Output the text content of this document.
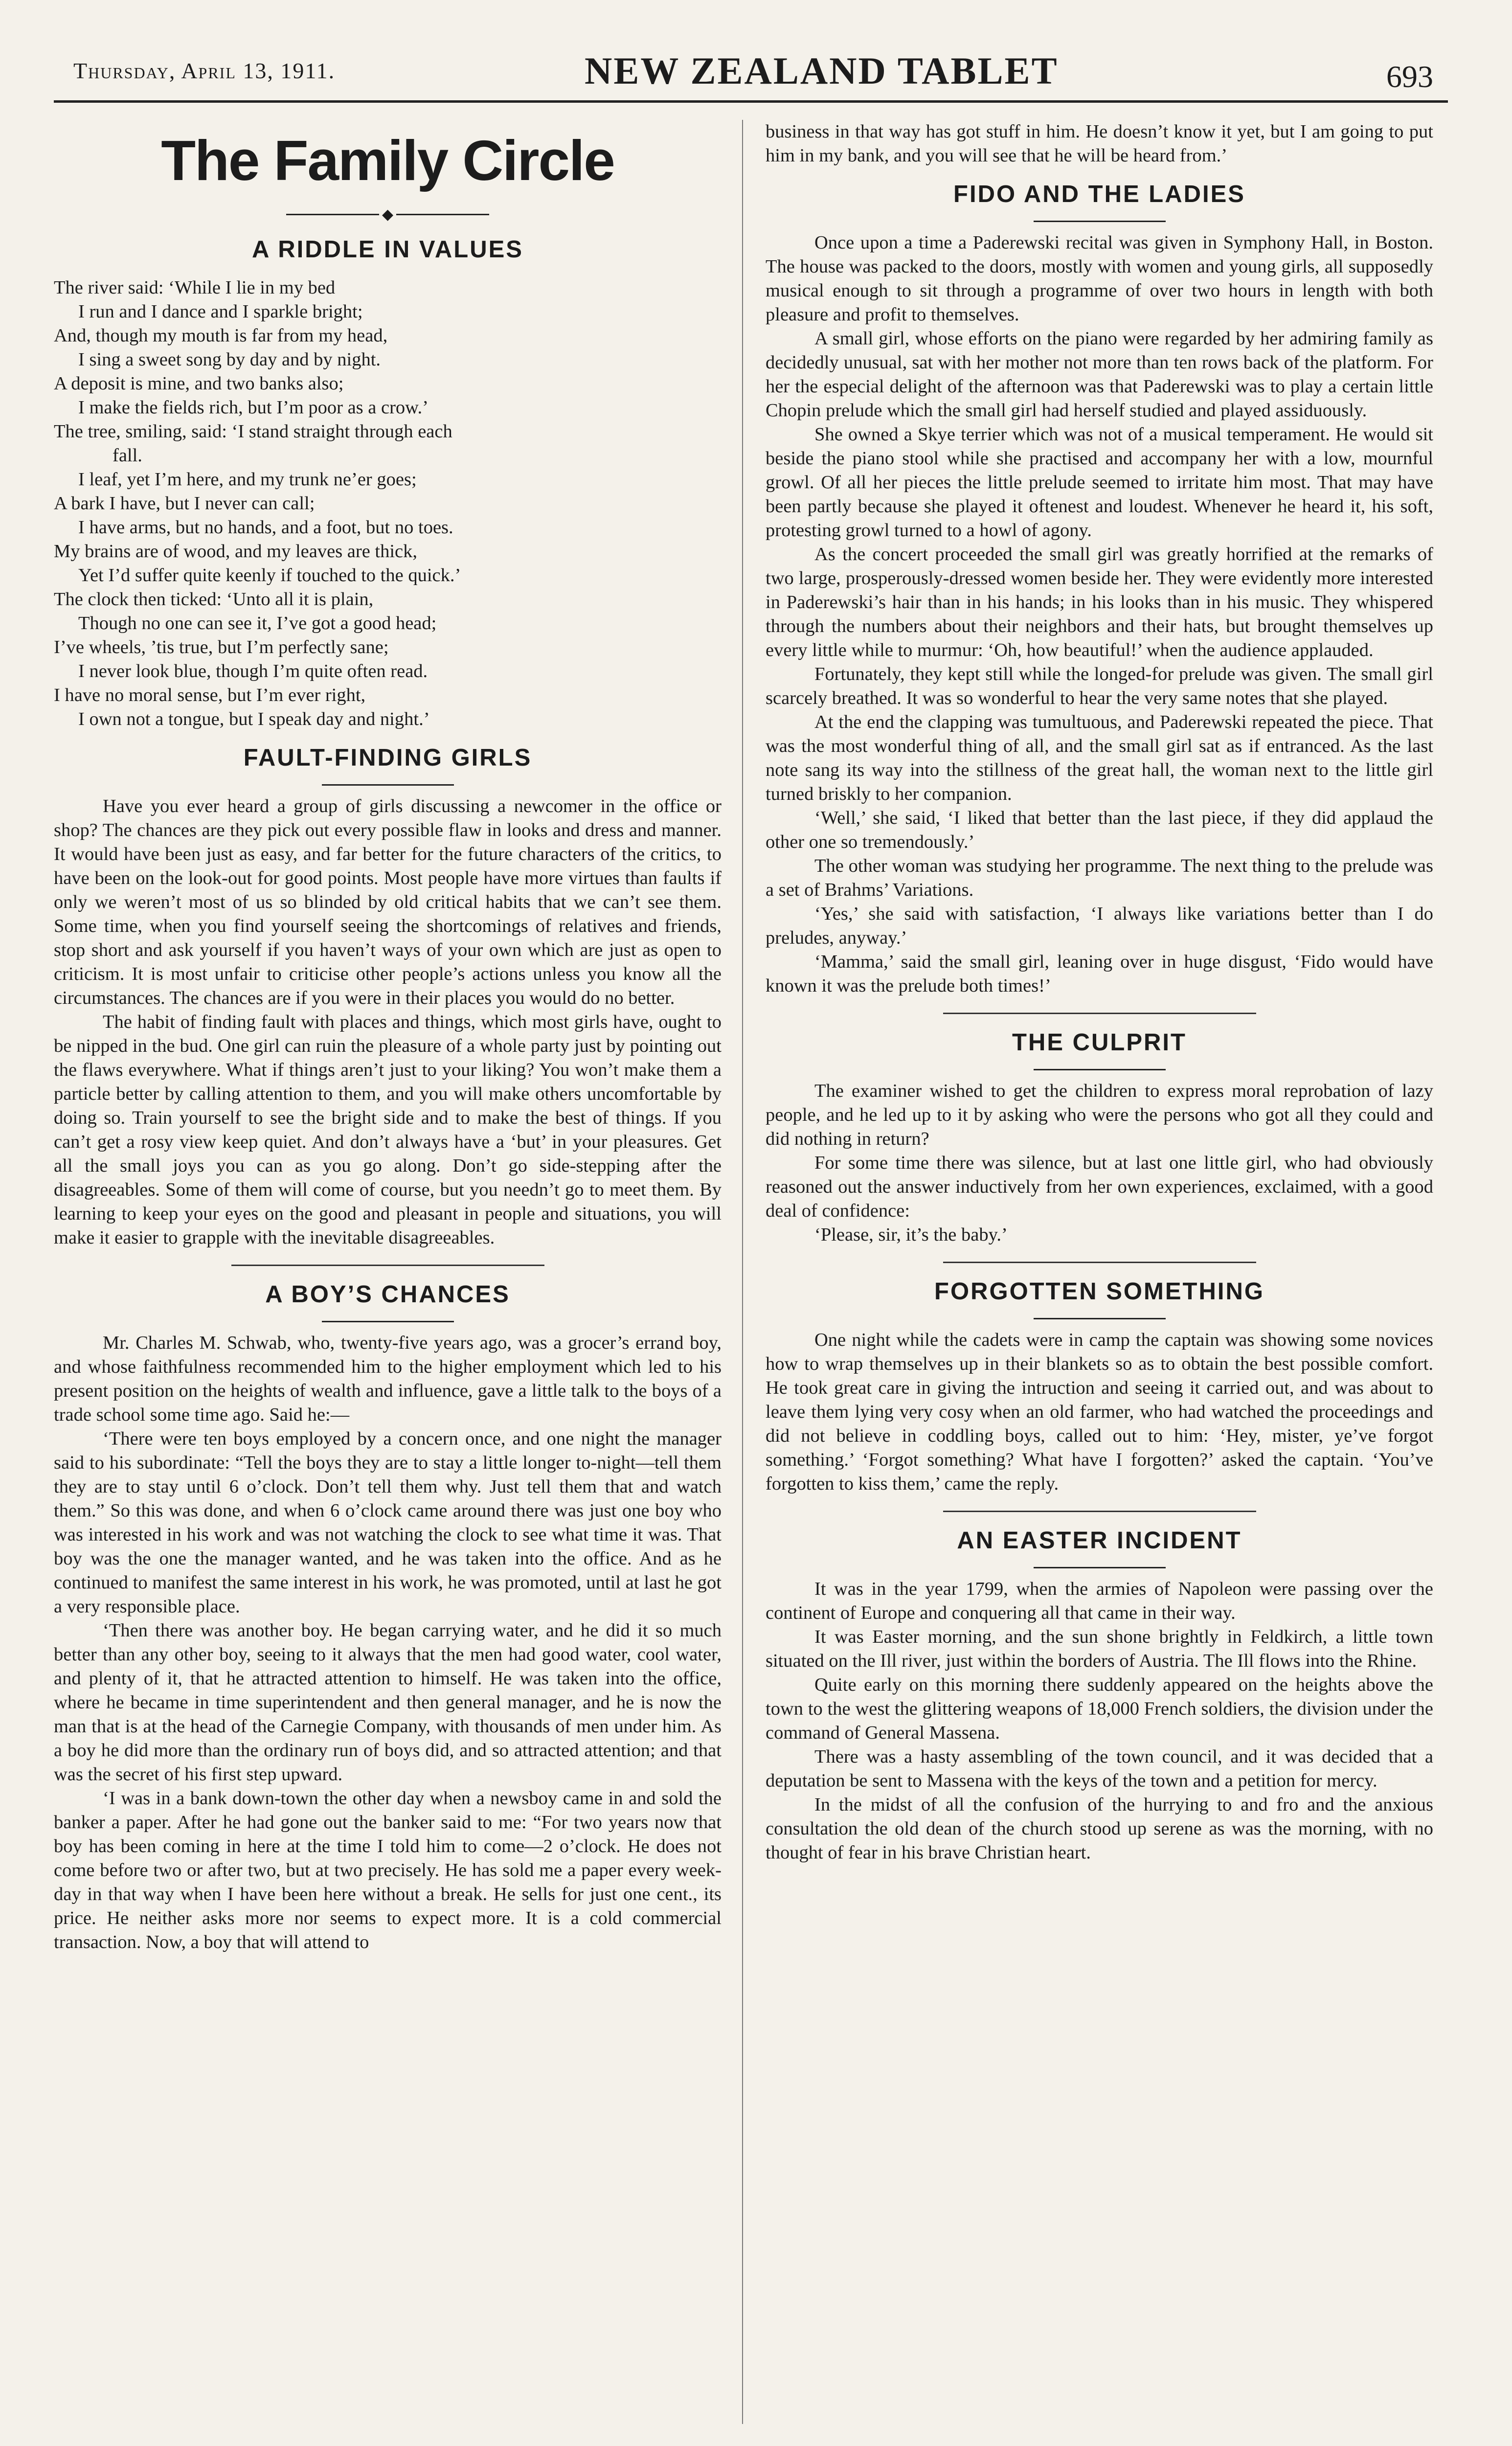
Thursday, April 13, 1911.	NEW ZEALAND TABLET	693
The Family Circle
◆
A RIDDLE IN VALUES
The river said: ‘While I lie in my bed
I run and I dance and I sparkle bright;
And, though my mouth is far from my head,
I sing a sweet song by day and by night.
A deposit is mine, and two banks also;
I make the fields rich, but I’m poor as a crow.’
The tree, smiling, said: ‘I stand straight through each
fall.
I leaf, yet I’m here, and my trunk ne’er goes;
A bark I have, but I never can call;
I have arms, but no hands, and a foot, but no toes.
My brains are of wood, and my leaves are thick,
Yet I’d suffer quite keenly if touched to the quick.’
The clock then ticked: ‘Unto all it is plain,
Though no one can see it, I’ve got a good head;
I’ve wheels, ’tis true, but I’m perfectly sane;
I never look blue, though I’m quite often read.
I have no moral sense, but I’m ever right,
I own not a tongue, but I speak day and night.’
FAULT-FINDING GIRLS

Have you ever heard a group of girls discussing a newcomer in the office or shop? The chances are they pick out every possible flaw in looks and dress and manner. It would have been just as easy, and far better for the future characters of the critics, to have been on the look-out for good points. Most people have more virtues than faults if only we weren’t most of us so blinded by old critical habits that we can’t see them. Some time, when you find yourself seeing the shortcomings of relatives and friends, stop short and ask yourself if you haven’t ways of your own which are just as open to criticism. It is most unfair to criticise other people’s actions unless you know all the circumstances. The chances are if you were in their places you would do no better.

The habit of finding fault with places and things, which most girls have, ought to be nipped in the bud. One girl can ruin the pleasure of a whole party just by pointing out the flaws everywhere. What if things aren’t just to your liking? You won’t make them a particle better by calling attention to them, and you will make others uncomfortable by doing so. Train yourself to see the bright side and to make the best of things. If you can’t get a rosy view keep quiet. And don’t always have a ‘but’ in your pleasures. Get all the small joys you can as you go along. Don’t go side-stepping after the disagreeables. Some of them will come of course, but you needn’t go to meet them. By learning to keep your eyes on the good and pleasant in people and situations, you will make it easier to grapple with the inevitable disagreeables.

A BOY’S CHANCES

Mr. Charles M. Schwab, who, twenty-five years ago, was a grocer’s errand boy, and whose faithfulness recommended him to the higher employment which led to his present position on the heights of wealth and influence, gave a little talk to the boys of a trade school some time ago. Said he:—

‘There were ten boys employed by a concern once, and one night the manager said to his subordinate: “Tell the boys they are to stay a little longer to-night—tell them they are to stay until 6 o’clock. Don’t tell them why. Just tell them that and watch them.” So this was done, and when 6 o’clock came around there was just one boy who was interested in his work and was not watching the clock to see what time it was. That boy was the one the manager wanted, and he was taken into the office. And as he continued to manifest the same interest in his work, he was promoted, until at last he got a very responsible place.

‘Then there was another boy. He began carrying water, and he did it so much better than any other boy, seeing to it always that the men had good water, cool water, and plenty of it, that he attracted attention to himself. He was taken into the office, where he became in time superintendent and then general manager, and he is now the man that is at the head of the Carnegie Company, with thousands of men under him. As a boy he did more than the ordinary run of boys did, and so attracted attention; and that was the secret of his first step upward.

‘I was in a bank down-town the other day when a newsboy came in and sold the banker a paper. After he had gone out the banker said to me: “For two years now that boy has been coming in here at the time I told him to come—2 o’clock. He does not come before two or after two, but at two precisely. He has sold me a paper every week-day in that way when I have been here without a break. He sells for just one cent., its price. He neither asks more nor seems to expect more. It is a cold commercial transaction. Now, a boy that will attend to

business in that way has got stuff in him. He doesn’t know it yet, but I am going to put him in my bank, and you will see that he will be heard from.’

FIDO AND THE LADIES

Once upon a time a Paderewski recital was given in Symphony Hall, in Boston. The house was packed to the doors, mostly with women and young girls, all supposedly musical enough to sit through a programme of over two hours in length with both pleasure and profit to themselves.

A small girl, whose efforts on the piano were regarded by her admiring family as decidedly unusual, sat with her mother not more than ten rows back of the platform. For her the especial delight of the afternoon was that Paderewski was to play a certain little Chopin prelude which the small girl had herself studied and played assiduously.

She owned a Skye terrier which was not of a musical temperament. He would sit beside the piano stool while she practised and accompany her with a low, mournful growl. Of all her pieces the little prelude seemed to irritate him most. That may have been partly because she played it oftenest and loudest. Whenever he heard it, his soft, protesting growl turned to a howl of agony.

As the concert proceeded the small girl was greatly horrified at the remarks of two large, prosperously-dressed women beside her. They were evidently more interested in Paderewski’s hair than in his hands; in his looks than in his music. They whispered through the numbers about their neighbors and their hats, but brought themselves up every little while to murmur: ‘Oh, how beautiful!’ when the audience applauded.

Fortunately, they kept still while the longed-for prelude was given. The small girl scarcely breathed. It was so wonderful to hear the very same notes that she played.

At the end the clapping was tumultuous, and Paderewski repeated the piece. That was the most wonderful thing of all, and the small girl sat as if entranced. As the last note sang its way into the stillness of the great hall, the woman next to the little girl turned briskly to her companion.

‘Well,’ she said, ‘I liked that better than the last piece, if they did applaud the other one so tremendously.’

The other woman was studying her programme. The next thing to the prelude was a set of Brahms’ Variations.

‘Yes,’ she said with satisfaction, ‘I always like variations better than I do preludes, anyway.’

‘Mamma,’ said the small girl, leaning over in huge disgust, ‘Fido would have known it was the prelude both times!’

THE CULPRIT

The examiner wished to get the children to express moral reprobation of lazy people, and he led up to it by asking who were the persons who got all they could and did nothing in return?

For some time there was silence, but at last one little girl, who had obviously reasoned out the answer inductively from her own experiences, exclaimed, with a good deal of confidence:

‘Please, sir, it’s the baby.’

FORGOTTEN SOMETHING

One night while the cadets were in camp the captain was showing some novices how to wrap themselves up in their blankets so as to obtain the best possible comfort. He took great care in giving the intruction and seeing it carried out, and was about to leave them lying very cosy when an old farmer, who had watched the proceedings and did not believe in coddling boys, called out to him: ‘Hey, mister, ye’ve forgot something.’ ‘Forgot something? What have I forgotten?’ asked the captain. ‘You’ve forgotten to kiss them,’ came the reply.

AN EASTER INCIDENT

It was in the year 1799, when the armies of Napoleon were passing over the continent of Europe and conquering all that came in their way.

It was Easter morning, and the sun shone brightly in Feldkirch, a little town situated on the Ill river, just within the borders of Austria. The Ill flows into the Rhine.

Quite early on this morning there suddenly appeared on the heights above the town to the west the glittering weapons of 18,000 French soldiers, the division under the command of General Massena.

There was a hasty assembling of the town council, and it was decided that a deputation be sent to Massena with the keys of the town and a petition for mercy.

In the midst of all the confusion of the hurrying to and fro and the anxious consultation the old dean of the church stood up serene as was the morning, with no thought of fear in his brave Christian heart.
